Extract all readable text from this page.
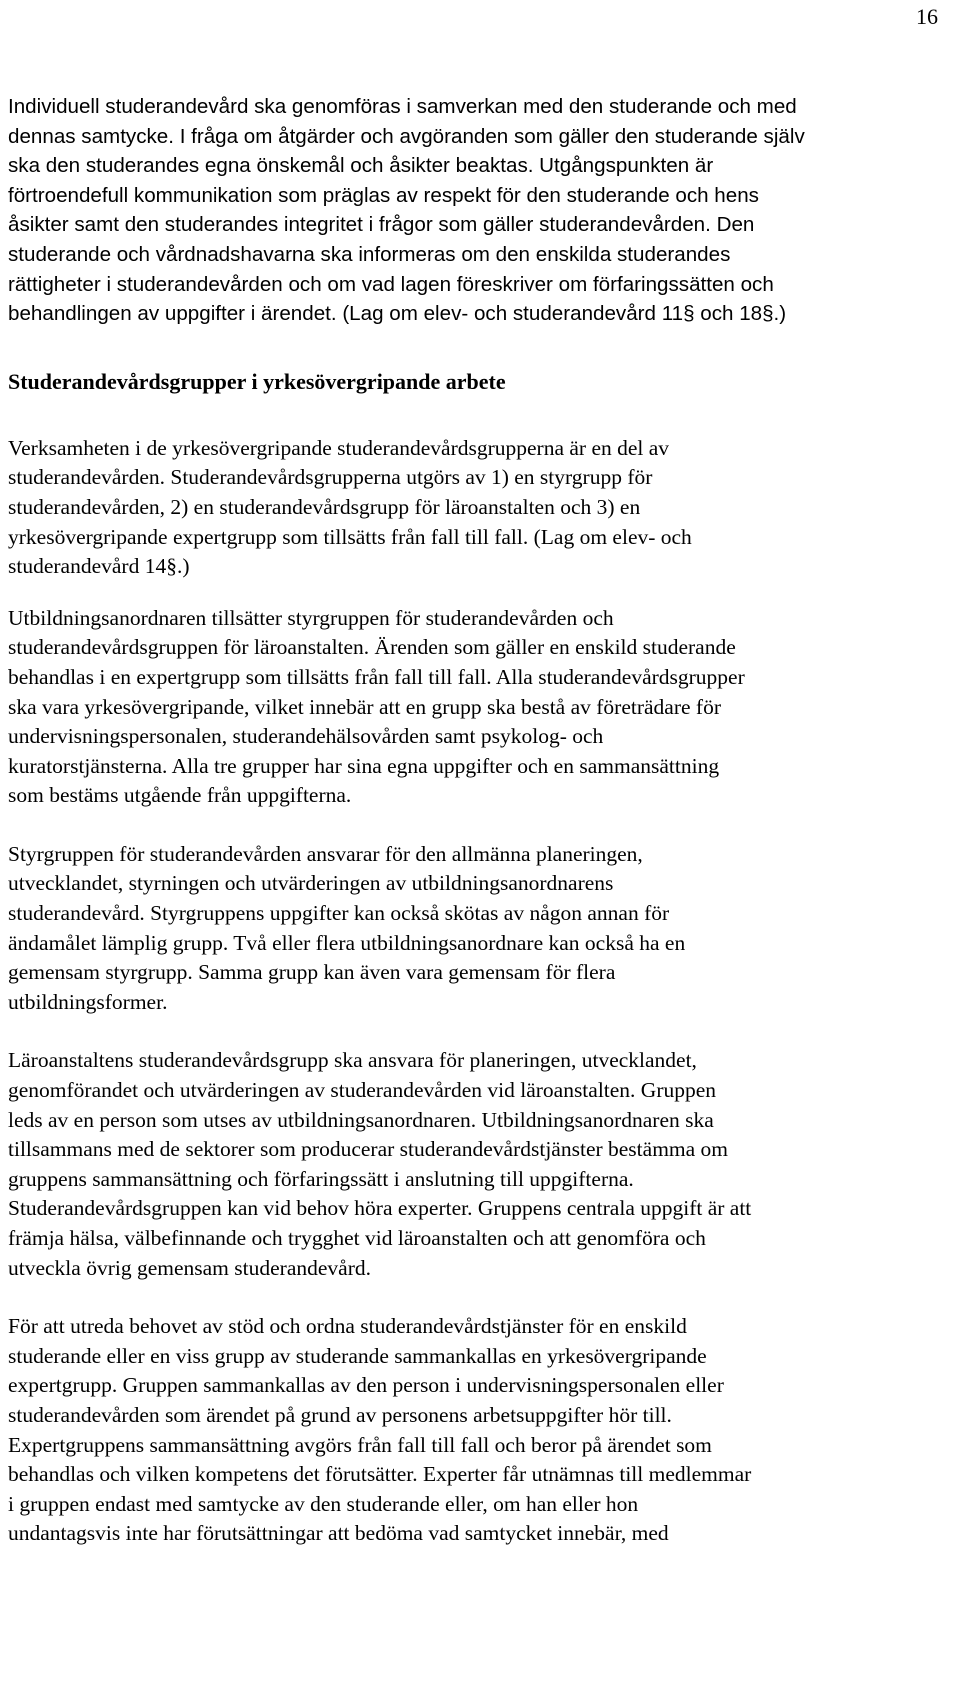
16

Individuell studerandevård ska genomföras i samverkan med den studerande och med
dennas samtycke. I fråga om åtgärder och avgöranden som gäller den studerande själv
ska den studerandes egna önskemål och åsikter beaktas. Utgångspunkten är
förtroendefull kommunikation som präglas av respekt för den studerande och hens
åsikter samt den studerandes integritet i frågor som gäller studerandevården. Den
studerande och vårdnadshavarna ska informeras om den enskilda studerandes
rättigheter i studerandevården och om vad lagen föreskriver om förfaringssätten och
behandlingen av uppgifter i ärendet. (Lag om elev- och studerandevård 11§ och 18§.)

Studerandevårdsgrupper i yrkesövergripande arbete

Verksamheten i de yrkesövergripande studerandevårdsgrupperna är en del av
studerandevården. Studerandevårdsgrupperna utgörs av 1) en styrgrupp för
studerandevården, 2) en studerandevårdsgrupp för läroanstalten och 3) en
yrkesövergripande expertgrupp som tillsätts från fall till fall. (Lag om elev- och
studerandevård 14§.)

Utbildningsanordnaren tillsätter styrgruppen för studerandevården och
studerandevårdsgruppen för läroanstalten. Ärenden som gäller en enskild studerande
behandlas i en expertgrupp som tillsätts från fall till fall. Alla studerandevårdsgrupper
ska vara yrkesövergripande, vilket innebär att en grupp ska bestå av företrädare för
undervisningspersonalen, studerandehälsovården samt psykolog- och
kuratorstjänsterna. Alla tre grupper har sina egna uppgifter och en sammansättning
som bestäms utgående från uppgifterna.

Styrgruppen för studerandevården ansvarar för den allmänna planeringen,
utvecklandet, styrningen och utvärderingen av utbildningsanordnarens
studerandevård. Styrgruppens uppgifter kan också skötas av någon annan för
ändamålet lämplig grupp. Två eller flera utbildningsanordnare kan också ha en
gemensam styrgrupp. Samma grupp kan även vara gemensam för flera
utbildningsformer.

Läroanstaltens studerandevårdsgrupp ska ansvara för planeringen, utvecklandet,
genomförandet och utvärderingen av studerandevården vid läroanstalten. Gruppen
leds av en person som utses av utbildningsanordnaren. Utbildningsanordnaren ska
tillsammans med de sektorer som producerar studerandevårdstjänster bestämma om
gruppens sammansättning och förfaringssätt i anslutning till uppgifterna.
Studerandevårdsgruppen kan vid behov höra experter. Gruppens centrala uppgift är att
främja hälsa, välbefinnande och trygghet vid läroanstalten och att genomföra och
utveckla övrig gemensam studerandevård.

För att utreda behovet av stöd och ordna studerandevårdstjänster för en enskild
studerande eller en viss grupp av studerande sammankallas en yrkesövergripande
expertgrupp. Gruppen sammankallas av den person i undervisningspersonalen eller
studerandevården som ärendet på grund av personens arbetsuppgifter hör till.
Expertgruppens sammansättning avgörs från fall till fall och beror på ärendet som
behandlas och vilken kompetens det förutsätter. Experter får utnämnas till medlemmar
i gruppen endast med samtycke av den studerande eller, om han eller hon
undantagsvis inte har förutsättningar att bedöma vad samtycket innebär, med
